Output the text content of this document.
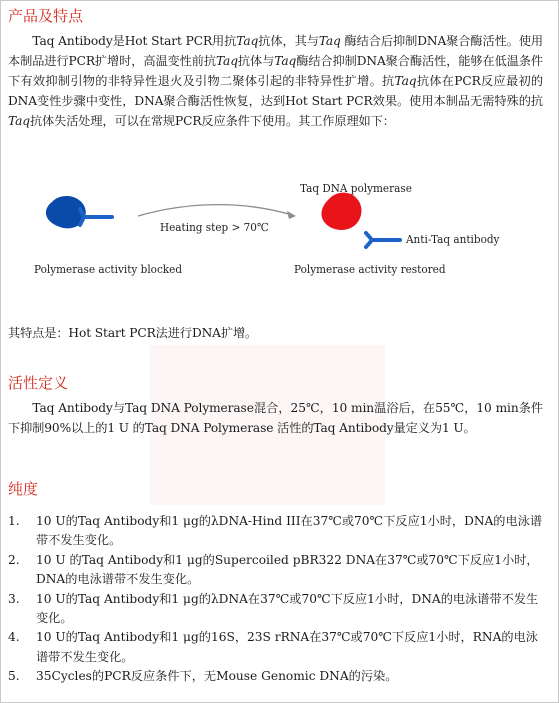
产品及特点

Taq Antibody是Hot Start PCR用抗Taq抗体，其与Taq 酶结合后抑制DNA聚合酶活性。使用本制品进行PCR扩增时，高温变性前抗Taq抗体与Taq酶结合抑制DNA聚合酶活性，能够在低温条件下有效抑制引物的非特异性退火及引物二聚体引起的非特异性扩增。抗Taq抗体在PCR反应最初的DNA变性步骤中变性，DNA聚合酶活性恢复，达到Hot Start PCR效果。使用本制品无需特殊的抗Taq抗体失活处理，可以在常规PCR反应条件下使用。其工作原理如下：

Heating step > 70℃
Taq DNA polymerase
Anti-Taq antibody
Polymerase activity blocked	Polymerase activity restored

其特点是：Hot Start PCR法进行DNA扩增。

活性定义

Taq Antibody与Taq DNA Polymerase混合，25℃，10 min温浴后，在55℃，10 min条件下抑制90%以上的1 U 的Taq DNA Polymerase 活性的Taq Antibody量定义为1 U。

纯度
1. 10 U的Taq Antibody和1 μg的λDNA-Hind III在37℃或70℃下反应1小时，DNA的电泳谱带不发生变化。
2. 10 U 的Taq Antibody和1 μg的Supercoiled pBR322 DNA在37℃或70℃下反应1小时，DNA的电泳谱带不发生变化。
3. 10 U的Taq Antibody和1 μg的λDNA在37℃或70℃下反应1小时，DNA的电泳谱带不发生变化。
4. 10 U的Taq Antibody和1 μg的16S，23S rRNA在37℃或70℃下反应1小时，RNA的电泳谱带不发生变化。
5. 35Cycles的PCR反应条件下，无Mouse Genomic DNA的污染。
